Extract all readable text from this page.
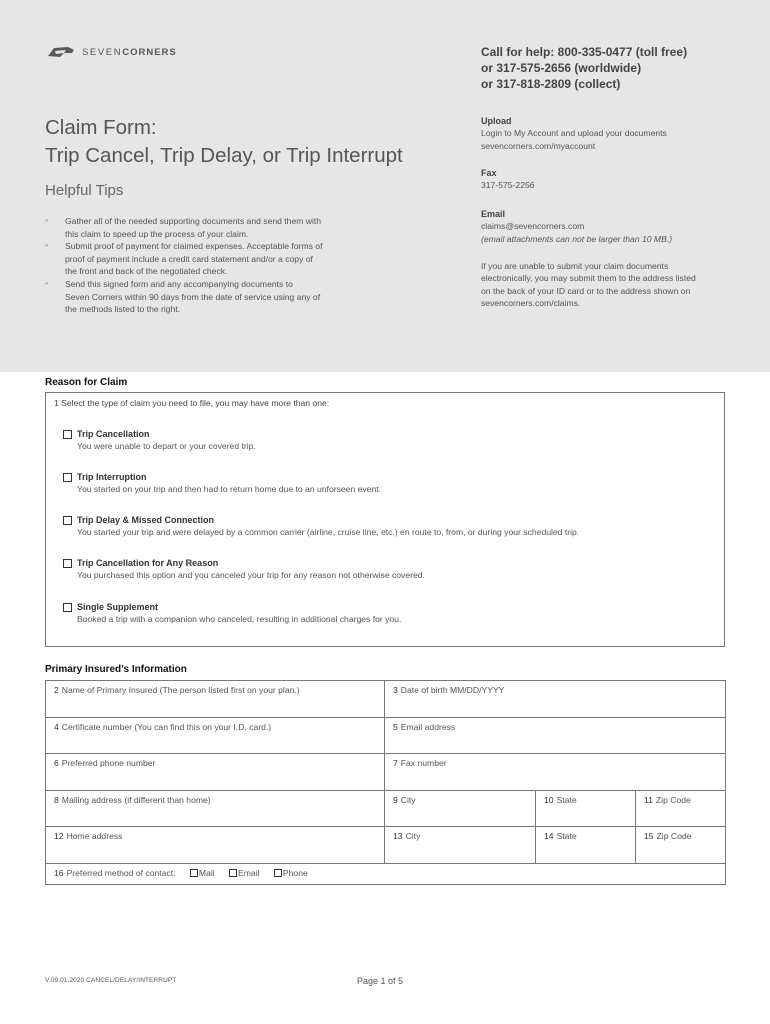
SEVENCORNERS	Call for help: 800-335-0477 (toll free)
or 317-575-2656 (worldwide)
or 317-818-2809 (collect)
Claim Form:
Trip Cancel, Trip Delay, or Trip Interrupt
Helpful Tips
◦ Gather all of the needed supporting documents and send them with
this claim to speed up the process of your claim.
◦ Submit proof of payment for claimed expenses. Acceptable forms of
proof of payment include a credit card statement and/or a copy of
the front and back of the negotiated check.
◦ Send this signed form and any accompanying documents to
Seven Corners within 90 days from the date of service using any of
the methods listed to the right.
Upload
Login to My Account and upload your documents
sevencorners.com/myaccount
Fax
317-575-2256
Email
claims@sevencorners.com
(email attachments can not be larger than 10 MB.)
If you are unable to submit your claim documents
electronically, you may submit them to the address listed
on the back of your ID card or to the address shown on
sevencorners.com/claims.
Reason for Claim
1 Select the type of claim you need to file, you may have more than one:
Trip Cancellation
You were unable to depart or your covered trip.
Trip Interruption
You started on your trip and then had to return home due to an unforseen event.
Trip Delay & Missed Connection
You started your trip and were delayed by a common carrier (airline, cruise line, etc.) en route to, from, or during your scheduled trip.
Trip Cancellation for Any Reason
You purchased this option and you canceled your trip for any reason not otherwise covered.
Single Supplement
Booked a trip with a companion who canceled, resulting in additional charges for you.
Primary Insured’s Information
2 Name of Primary Insured (The person listed first on your plan.)	3 Date of birth MM/DD/YYYY		
4 Certificate number (You can find this on your I.D. card.)	5 Email address		
6 Preferred phone number	7 Fax number		
8 Mailing address (if different than home)	9 City	10 State	11 Zip Code
12 Home address	13 City	14 State	15 Zip Code
16 Preferred method of contact: Mail Email Phone			
V.09.01.2020 CANCEL/DELAY/INTERRUPT	Page 1 of 5
